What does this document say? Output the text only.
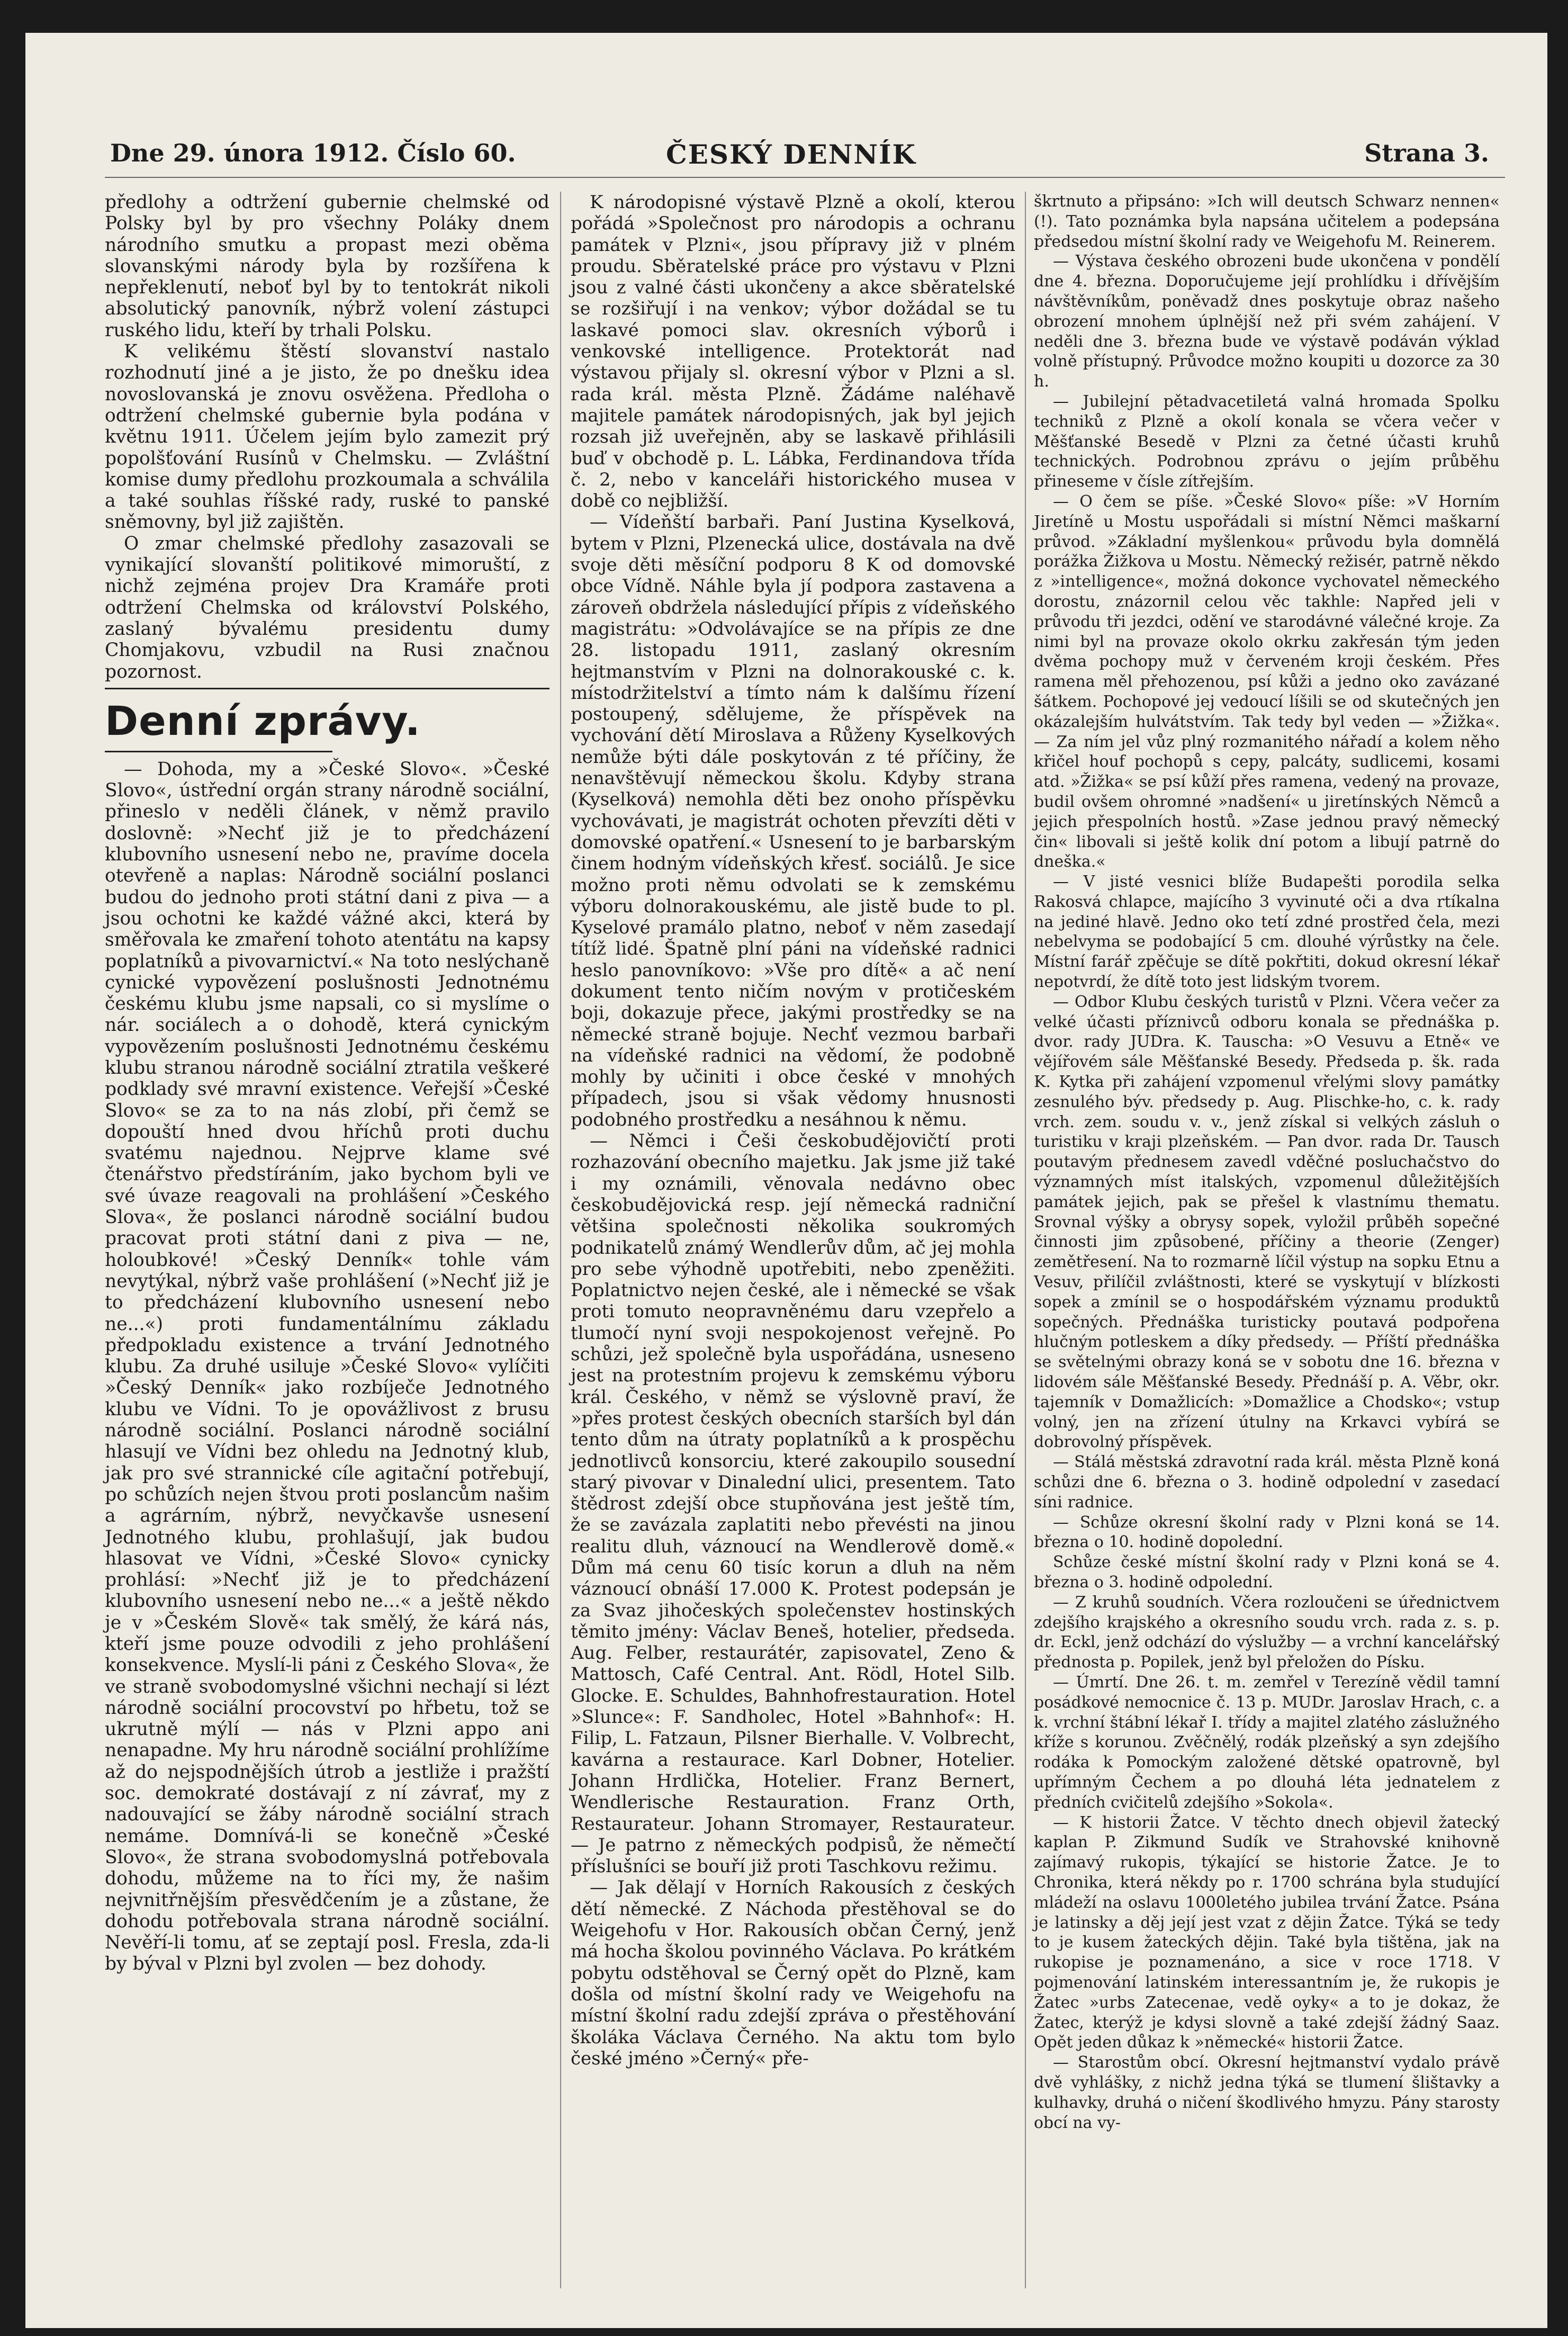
Dne 29. února 1912. Číslo 60.	ČESKÝ DENNÍK	Strana 3.

předlohy a odtržení gubernie chelmské od Polsky byl by pro všechny Poláky dnem národního smutku a propast mezi oběma slovanskými národy byla by rozšířena k nepřeklenutí, neboť byl by to tentokrát nikoli absolutický panovník, nýbrž volení zástupci ruského lidu, kteří by trhali Polsku.

K velikému štěstí slovanství nastalo rozhodnutí jiné a je jisto, že po dnešku idea novoslovanská je znovu osvěžena. Předloha o odtržení chelmské gubernie byla podána v květnu 1911. Účelem jejím bylo zamezit prý popolšťování Rusínů v Chelmsku. — Zvláštní komise dumy předlohu prozkoumala a schválila a také souhlas říšské rady, ruské to panské sněmovny, byl již zajištěn.

O zmar chelmské předlohy zasazovali se vynikající slovanští politikové mimoruští, z nichž zejména projev Dra Kramáře proti odtržení Chelmska od království Polského, zaslaný bývalému presidentu dumy Chomjakovu, vzbudil na Rusi značnou pozornost.

Denní zprávy.

— Dohoda, my a »České Slovo«. »České Slovo«, ústřední orgán strany národně sociální, přineslo v neděli článek, v němž pravilo doslovně: »Nechť již je to předcházení klubovního usnesení nebo ne, pravíme docela otevřeně a naplas: Národně sociální poslanci budou do jednoho proti státní dani z piva — a jsou ochotni ke každé vážné akci, která by směřovala ke zmaření tohoto atentátu na kapsy poplatníků a pivovarnictví.« Na toto neslýchaně cynické vypovězení poslušnosti Jednotnému českému klubu jsme napsali, co si myslíme o nár. sociálech a o dohodě, která cynickým vypovězením poslušnosti Jednotnému českému klubu stranou národně sociální ztratila veškeré podklady své mravní existence. Veřejší »České Slovo« se za to na nás zlobí, při čemž se dopouští hned dvou hříchů proti duchu svatému najednou. Nejprve klame své čtenářstvo předstíráním, jako bychom byli ve své úvaze reagovali na prohlášení »Českého Slova«, že poslanci národně sociální budou pracovat proti státní dani z piva — ne, holoubkové! »Český Denník« tohle vám nevytýkal, nýbrž vaše prohlášení (»Nechť již je to předcházení klubovního usnesení nebo ne...«) proti fundamentálnímu základu předpokladu existence a trvání Jednotného klubu. Za druhé usiluje »České Slovo« vylíčiti »Český Denník« jako rozbíječe Jednotného klubu ve Vídni. To je opovážlivost z brusu národně sociální. Poslanci národně sociální hlasují ve Vídni bez ohledu na Jednotný klub, jak pro své strannické cíle agitační potřebují, po schůzích nejen štvou proti poslancům našim a agrárním, nýbrž, nevyčkavše usnesení Jednotného klubu, prohlašují, jak budou hlasovat ve Vídni, »České Slovo« cynicky prohlásí: »Nechť již je to předcházení klubovního usnesení nebo ne...« a ještě někdo je v »Českém Slově« tak smělý, že kárá nás, kteří jsme pouze odvodili z jeho prohlášení konsekvence. Myslí-li páni z Českého Slova«, že ve straně svobodomyslné všichni nechají si lézt národně sociální procovství po hřbetu, tož se ukrutně mýlí — nás v Plzni appo ani nenapadne. My hru národně sociální prohlížíme až do nejspodnějších útrob a jestliže i pražští soc. demokraté dostávají z ní závrať, my z nadouvající se žáby národně sociální strach nemáme. Domnívá-li se konečně »České Slovo«, že strana svobodomyslná potřebovala dohodu, můžeme na to říci my, že našim nejvnitřnějším přesvědčením je a zůstane, že dohodu potřebovala strana národně sociální. Nevěří-li tomu, ať se zeptají posl. Fresla, zda-li by býval v Plzni byl zvolen — bez dohody.

K národopisné výstavě Plzně a okolí, kterou pořádá »Společnost pro národopis a ochranu památek v Plzni«, jsou přípravy již v plném proudu. Sběratelské práce pro výstavu v Plzni jsou z valné části ukončeny a akce sběratelské se rozšiřují i na venkov; výbor dožádal se tu laskavé pomoci slav. okresních výborů i venkovské intelligence. Protektorát nad výstavou přijaly sl. okresní výbor v Plzni a sl. rada král. města Plzně. Žádáme naléhavě majitele památek národopisných, jak byl jejich rozsah již uveřejněn, aby se laskavě přihlásili buď v obchodě p. L. Lábka, Ferdinandova třída č. 2, nebo v kanceláři historického musea v době co nejbližší.

— Vídeňští barbaři. Paní Justina Kyselková, bytem v Plzni, Plzenecká ulice, dostávala na dvě svoje děti měsíční podporu 8 K od domovské obce Vídně. Náhle byla jí podpora zastavena a zároveň obdržela následující přípis z vídeňského magistrátu: »Odvolávajíce se na přípis ze dne 28. listopadu 1911, zaslaný okresním hejtmanstvím v Plzni na dolnorakouské c. k. místodržitelství a tímto nám k dalšímu řízení postoupený, sdělujeme, že příspěvek na vychování dětí Miroslava a Růženy Kyselkových nemůže býti dále poskytován z té příčiny, že nenavštěvují německou školu. Kdyby stranа (Kyselková) nemohla děti bez onoho příspěvku vychovávati, je magistrát ochoten převzíti děti v domovské opatření.« Usnesení to je barbarským činem hodným vídeňských křesť. sociálů. Je sice možno proti němu odvolati se k zemskému výboru dolnorakouskému, ale jistě bude to pl. Kyselové pramálo platno, neboť v něm zasedají títíž lidé. Špatně plní páni na vídeňské radnici heslo panovníkovo: »Vše pro dítě« a ač není dokument tento ničím novým v protičeském boji, dokazuje přece, jakými prostředky se na německé straně bojuje. Nechť vezmou barbaři na vídeňské radnici na vědomí, že podobně mohly by učiniti i obce české v mnohých případech, jsou si však vědomy hnusnosti podobného prostředku a nesáhnou k němu.

— Němci i Češi českobudějovičtí proti rozhazování obecního majetku. Jak jsme již také i my oznámili, věnovala nedávno obec českobudějovická resp. její německá radniční většina společnosti několika soukromých podnikatelů známý Wendlerův dům, ač jej mohla pro sebe výhodně upotřebiti, nebo zpeněžiti. Poplatnictvo nejen české, ale i německé se však proti tomuto neopravněnému daru vzepřelo a tlumočí nyní svoji nespokojenost veřejně. Po schůzi, jež společně byla uspořádána, usneseno jest na protestním projevu k zemskému výboru král. Českého, v němž se výslovně praví, že »přes protest českých obecních starších byl dán tento dům na útraty poplatníků a k prospěchu jednotlivců konsorciu, které zakoupilo sousední starý pivovar v Dinalední ulici, presentem. Tato štědrost zdejší obce stupňována jest ještě tím, že se zavázala zaplatiti nebo převésti na jinou realitu dluh, váznoucí na Wendlerově domě.« Dům má cenu 60 tisíc korun a dluh na něm váznoucí obnáší 17.000 K. Protest podepsán je za Svaz jihočeských společenstev hostinských těmito jmény: Václav Beneš, hotelier, předseda. Aug. Felber, restaurátér, zapisovatel, Zeno & Mattosch, Café Central. Ant. Rödl, Hotel Silb. Glocke. E. Schuldes, Bahnhofrestauration. Hotel »Slunce«: F. Sandholec, Hotel »Bahnhof«: H. Filip, L. Fatzaun, Pilsner Bierhalle. V. Volbrecht, kavárna a restaurace. Karl Dobner, Hotelier. Johann Hrdlička, Hotelier. Franz Bernert, Wendlerische Restauration. Franz Orth, Restaurateur. Johann Stromayer, Restaurateur. — Je patrno z německých podpisů, že němečtí příslušníci se bouří již proti Taschkovu režimu.

— Jak dělají v Horních Rakousích z českých dětí německé. Z Náchoda přestěhoval se do Weigehofu v Hor. Rakousích občan Černý, jenž má hocha školou povinného Václava. Po krátkém pobytu odstěhoval se Černý opět do Plzně, kam došla od místní školní rady ve Weigehofu na místní školní radu zdejší zpráva o přestěhování školáka Václava Černého. Na aktu tom bylo české jméno »Černý« pře-

škrtnuto a připsáno: »Ich will deutsch Schwarz nennen« (!). Tato poznámka byla napsána učitelem a podepsána předsedou místní školní rady ve Weigehofu M. Reinerem.

— Výstava českého obrozeni bude ukončena v pondělí dne 4. března. Doporučujeme její prohlídku i dřívějším návštěvníkům, poněvadž dnes poskytuje obraz našeho obrození mnohem úplnější než při svém zahájení. V neděli dne 3. března bude ve výstavě podáván výklad volně přístupný. Průvodce možno koupiti u dozorce za 30 h.

— Jubilejní pětadvacetiletá valná hromada Spolku techniků z Plzně a okolí konala se včera večer v Měšťanské Besedě v Plzni za četné účasti kruhů technických. Podrobnou zprávu o jejím průběhu přineseme v čísle zítřejším.

— O čem se píše. »České Slovo« píše: »V Horním Jiretíně u Mostu uspořádali si místní Němci maškarní průvod. »Základní myšlenkou« průvodu byla domnělá porážka Žižkova u Mostu. Německý režisér, patrně někdo z »intelligence«, možná dokonce vychovatel německého dorostu, znázornil celou věc takhle: Napřed jeli v průvodu tři jezdci, odění ve starodávné válečné kroje. Za nimi byl na provaze okolo okrku zakřesán tým jeden dvěma pochopy muž v červeném kroji českém. Přes ramena měl přehozenou, psí kůži a jedno oko zavázané šátkem. Pochopové jej vedoucí líšili se od skutečných jen okázalejším hulvátstvím. Tak tedy byl veden — »Žižka«. — Za ním jel vůz plný rozmanitého nářadí a kolem něho křičel houf pochopů s cepy, palcáty, sudlicemi, kosami atd. »Žižka« se psí kůží přes ramena, vedený na provaze, budil ovšem ohromné »nadšení« u jiretínských Němců a jejich přespolních hostů. »Zase jednou pravý německý čin« libovali si ještě kolik dní potom a libují patrně do dneška.«

— V jisté vesnici blíže Budapešti porodila selka Rakosvá chlapce, majícího 3 vyvinuté oči a dva rtíkalna na jediné hlavě. Jedno oko tetí zdné prostřed čela, mezi nebelvyma se podobající 5 cm. dlouhé výrůstky na čele. Místní farář zpěčuje se dítě pokřtiti, dokud okresní lékař nepotvrdí, že dítě toto jest lidským tvorem.

— Odbor Klubu českých turistů v Plzni. Včera večer za velké účasti příznivců odboru konala se přednáška p. dvor. rady JUDra. K. Tauscha: »O Vesuvu a Etně« ve vějířovém sále Měšťanské Besedy. Předseda p. šk. rada K. Kytka při zahájení vzpomenul vřelými slovy památky zesnulého býv. předsedy p. Aug. Plischke-ho, c. k. rady vrch. zem. soudu v. v., jenž získal si velkých zásluh o turistiku v kraji plzeňském. — Pan dvor. rada Dr. Tausch poutavým přednesem zavedl vděčné posluchačstvo do významných míst italských, vzpomenul důležitějších památek jejich, pak se přešel k vlastnímu thematu. Srovnal výšky a obrysy sopek, vyložil průběh sopečné činnosti jim způsobené, příčiny a theorie (Zenger) zemětřesení. Na to rozmarně líčil výstup na sopku Etnu a Vesuv, přilíčil zvláštnosti, které se vyskytují v blízkosti sopek a zmínil se o hospodářském významu produktů sopečných. Přednáška turisticky poutavá podpořena hlučným potleskem a díky předsedy. — Příští přednáška se světelnými obrazy koná se v sobotu dne 16. března v lidovém sále Měšťanské Besedy. Přednáší p. A. Věbr, okr. tajemník v Domažlicích: »Domažlice a Chodsko«; vstup volný, jen na zřízení útulny na Krkavci vybírá se dobrovolný příspěvek.

— Stálá městská zdravotní rada král. města Plzně koná schůzi dne 6. března o 3. hodině odpolední v zasedací síni radnice.

— Schůze okresní školní rady v Plzni koná se 14. března o 10. hodině dopolední.

Schůze české místní školní rady v Plzni koná se 4. března o 3. hodině odpolední.

— Z kruhů soudních. Včera rozloučeni se úřednictvem zdejšího krajského a okresního soudu vrch. rada z. s. p. dr. Eckl, jenž odchází do výslužby — a vrchní kancelářský přednosta p. Popilek, jenž byl přeložen do Písku.

— Úmrtí. Dne 26. t. m. zemřel v Terezíně vědil tamní posádkové nemocnice č. 13 p. MUDr. Jaroslav Hrach, c. a k. vrchní štábní lékař I. třídy a majitel zlatého záslužného kříže s korunou. Zvěčnělý, rodák plzeňský a syn zdejšího rodáka k Pomockým založené dětské opatrovně, byl upřímným Čechem a po dlouhá léta jednatelem z předních cvičitelů zdejšího »Sokola«.

— K historii Žatce. V těchto dnech objevil žatecký kaplan P. Zikmund Sudík ve Strahovské knihovně zajímavý rukopis, týkající se historie Žatce. Je to Chronika, která někdy po r. 1700 schrána byla studující mládeží na oslavu 1000letého jubilea trvání Žatce. Psána je latinsky a děj její jest vzat z dějin Žatce. Týká se tedy to je kusem žateckých dějin. Také byla tištěna, jak na rukopise je poznamenáno, a sice v roce 1718. V pojmenování latinském interessantním je, že rukopis je Žatec »urbs Zatecenae, vedě oyky« a to je dokaz, že Žatec, kterýž je kdysi slovně a také zdejší žádný Saaz. Opět jeden důkaz k »německé« historii Žatce.

— Starostům obcí. Okresní hejtmanství vydalo právě dvě vyhlášky, z nichž jedna týká se tlumení šlištavky a kulhavky, druhá o ničení škodlivého hmyzu. Pány starosty obcí na vy-
